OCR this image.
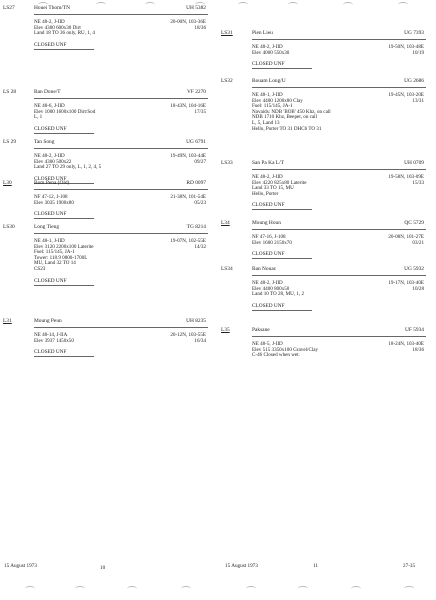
LS27	Houei Thom/TN	UH 5382
NE 48-2, J-IID
Elev 4300 600x30 Dirt
Land 18 TO 36 only, RU, 1, 4
20-00N, 103-36E
18/36
CLOSED UNF
LS 28	Ban Done/T	VF 2270
NE 48-6, J-IID
Elev 1000 1600x100 Dirt/Sod
L, 1
18-43N, 104-16E
17/35
CLOSED UNF
LS 29	Tan Song	UG 6791
NE 48-2, J-IID
Elev 4300 500x22
Land 27 TO 29 only, L, 1, 2, 4, 5
19-49N, 103-44E
09/27
CLOSED UNF
L30	Bom Pena (Old)	RD 0097
NF 47-12, J-108
Elev 3035 1900x80
21-38N, 101-54E
05/23
CLOSED UNF
LS30	Long Tieng	TG 8214
NE 48-1, J-IID
Elev 3120 2200x100 Laterite
Fuel: 115/145, JA-1
Tower: 118.9 0800-1700L
MU, Land 32 TO 14
CS23
19-07N, 102-55E
14/32
CLOSED UNF
L31	Moung Peun	UH 8235
NE 48-14, J-IIA
Elev 3937 1450x50
20-12N, 103-55E
16/34
CLOSED UNF
15 August 1973	10
LS31	Pien Lieu	UG 7393
NE 48-2, J-IID
Elev 4000 550x30
19-50N, 103-48E
10/19
CLOSED UNF
LS32	Bouam Long/U	UG 2686
NE 48-1, J-IID
Elev 4400 1200x80 Clay
Fuel: 115/145, JA-1
Navaids: NDB 'BOB' 450 Khz, on call
NDB 1710 Khz, Beeper, on call
L, 5, Land 13
Hello, Porter TO 31 DHC6 TO 31
19-45N, 103-20E
13/31
LS33	San Pa Ka L/T	UH 0709
NE 48-2, J-IID
Elev 4220 825x80 Laterite
Land 33 TO 15, MU
Hello, Porter
19-58N, 103-09E
15/33
CLOSED UNF
L34	Moung Houn	QC 5729
NF 47-16, J-108
Elev 1600 2150x70
20-08N, 101-27E
03/21
CLOSED UNF
LS34	Ban Nouac	UG 5932
NE 48-2, J-IID
Elev 4400 800x50
Land 10 TO 28, MU, 1, 2
19-17N, 103-40E
10/28
CLOSED UNF
L35	Paksane	UF 5934
NE 48-5, J-IID
Elev 515 3350x100 Gravel/Clay
C-46 Closed when wet.
18-24N, 103-40E
18/36
15 August 1973	11	27-35
